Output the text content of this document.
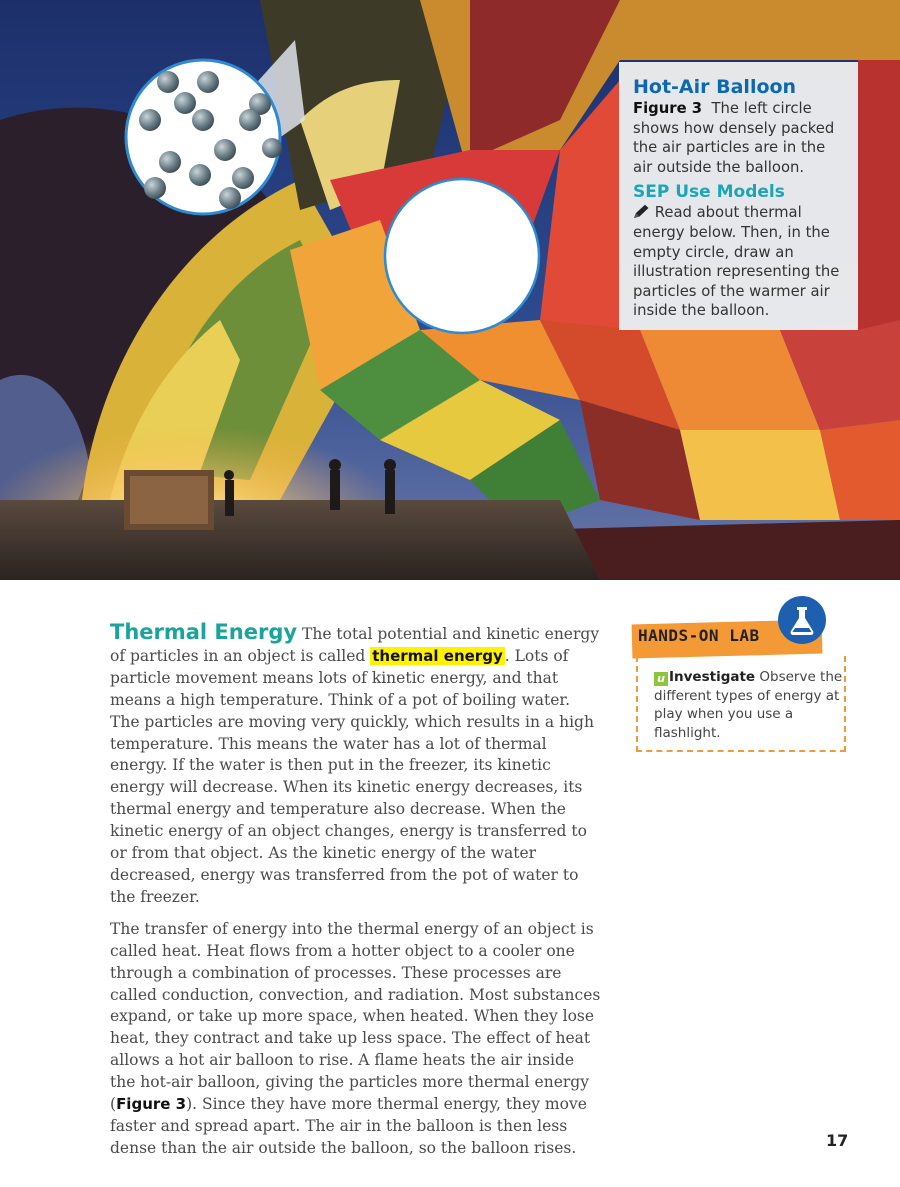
Hot-Air Balloon

Figure 3 The left circle shows how densely packed the air particles are in the air outside the balloon.

SEP Use Models

Read about thermal energy below. Then, in the empty circle, draw an illustration representing the particles of the warmer air inside the balloon.

Thermal Energy The total potential and kinetic energy of particles in an object is called thermal energy . Lots of particle movement means lots of kinetic energy, and that means a high temperature. Think of a pot of boiling water. The particles are moving very quickly, which results in a high temperature. This means the water has a lot of thermal energy. If the water is then put in the freezer, its kinetic energy will decrease. When its kinetic energy decreases, its thermal energy and temperature also decrease. When the kinetic energy of an object changes, energy is transferred to or from that object. As the kinetic energy of the water decreased, energy was transferred from the pot of water to the freezer.

The transfer of energy into the thermal energy of an object is called heat. Heat flows from a hotter object to a cooler one through a combination of processes. These processes are called conduction, convection, and radiation. Most substances expand, or take up more space, when heated. When they lose heat, they contract and take up less space. The effect of heat allows a hot air balloon to rise. A flame heats the air inside the hot-air balloon, giving the particles more thermal energy (Figure 3). Since they have more thermal energy, they move faster and spread apart. The air in the balloon is then less dense than the air outside the balloon, so the balloon rises.

HANDS-ON LAB
u Investigate Observe the different types of energy at play when you use a flashlight.
17
